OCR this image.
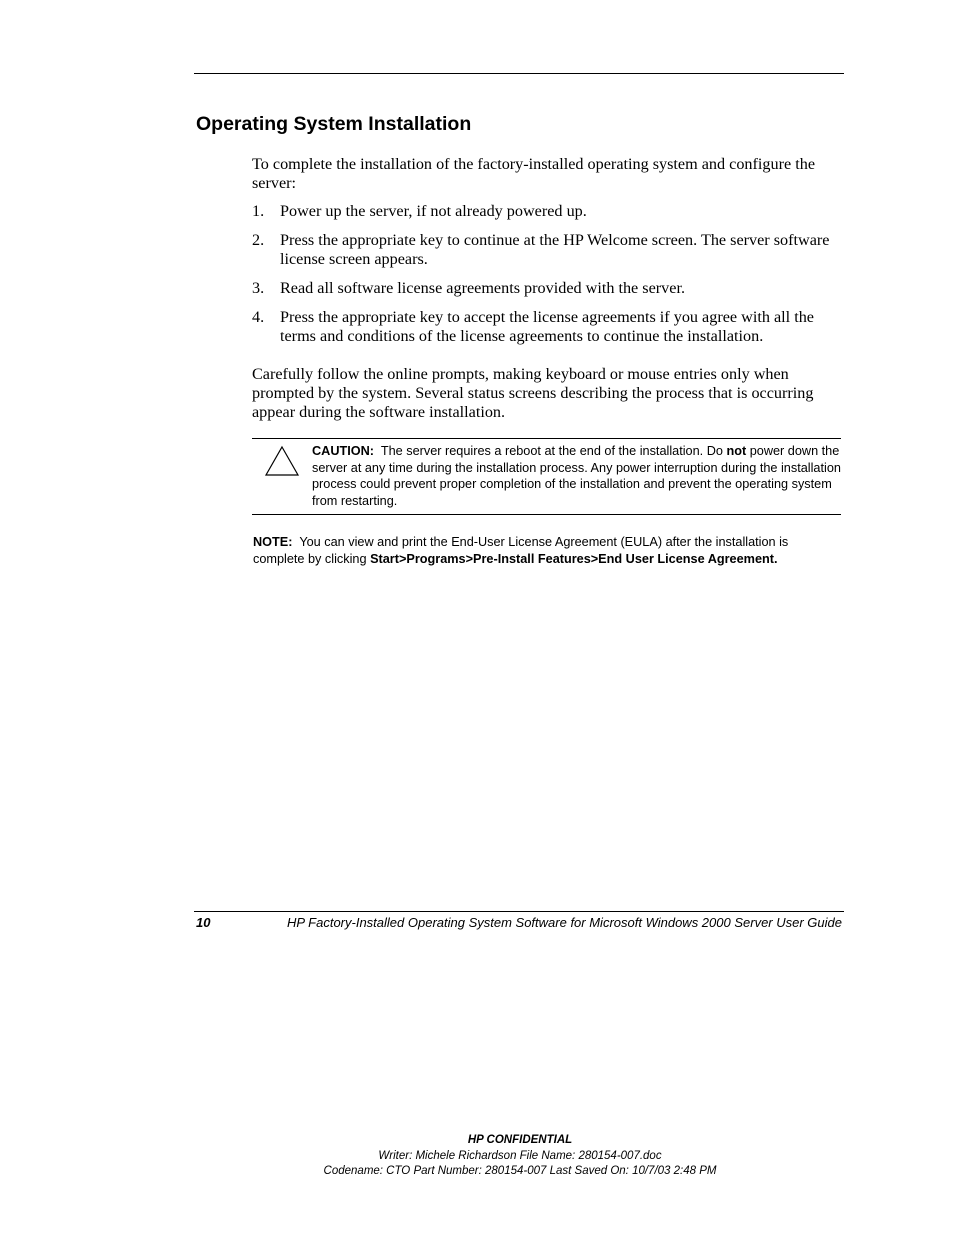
Operating System Installation

To complete the installation of the factory-installed operating system and configure the server:

1. Power up the server, if not already powered up.
2. Press the appropriate key to continue at the HP Welcome screen. The server software license screen appears.
3. Read all software license agreements provided with the server.
4. Press the appropriate key to accept the license agreements if you agree with all the terms and conditions of the license agreements to continue the installation.

Carefully follow the online prompts, making keyboard or mouse entries only when prompted by the system. Several status screens describing the process that is occurring appear during the software installation.

CAUTION: The server requires a reboot at the end of the installation. Do not power down the server at any time during the installation process. Any power interruption during the installation process could prevent proper completion of the installation and prevent the operating system from restarting.

NOTE: You can view and print the End-User License Agreement (EULA) after the installation is complete by clicking Start>Programs>Pre-Install Features>End User License Agreement.

10	HP Factory-Installed Operating System Software for Microsoft Windows 2000 Server User Guide

HP CONFIDENTIAL
Writer: Michele Richardson File Name: 280154-007.doc
Codename: CTO Part Number: 280154-007 Last Saved On: 10/7/03 2:48 PM
